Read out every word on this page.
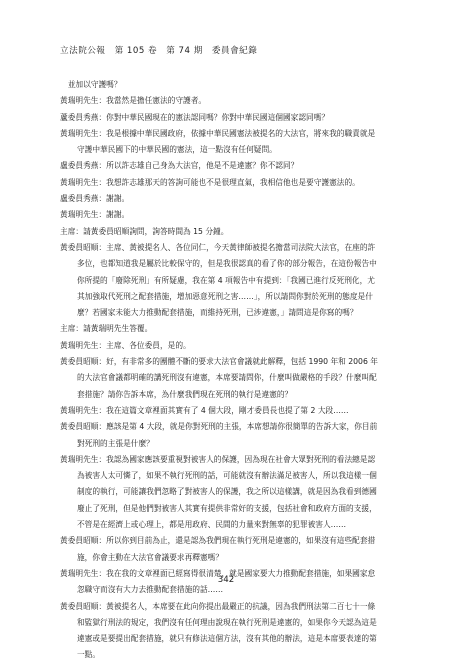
立法院公報　第 105 卷　第 74 期　委員會紀錄

　並加以守護嗎？

黃瑞明先生：我當然是擔任憲法的守護者。

蘆委員秀燕：你對中華民國現在的憲法認同嗎？你對中華民國這個國家認同嗎？

黃瑞明先生：我是根據中華民國政府，依據中華民國憲法被提名的大法官，將來我的職責就是守護中華民國下的中華民國的憲法，這一點沒有任何疑問。

盧委員秀燕：所以許志雄自己身為大法官，他是不是違憲？你不認同？

黃瑞明先生：我想許志雄那天的答詢可能也不是很理直氣，我相信他也是要守護憲法的。

盧委員秀燕：謝謝。

黃瑞明先生：謝謝。

主席：請黃委員昭順詢問，詢答時間為 15 分鐘。

黃委員昭順：主席、黃被提名人、各位同仁，今天黃律師被提名擔當司法院大法官，在座的許多位，也都知道我是屬於比較保守的，但是我很認真的看了你的部分報告，在這份報告中你所提的「廢除死刑」有所疑慮，我在第 4 項報告中有提到：「我國已進行反死刑化，尤其加強取代死刑之配套措施，增加惡意死刑之害……」，所以請問你對於死刑的態度是什麼？若國家未能大力推動配套措施，而維持死刑，已涉違憲，」請問這是你寫的嗎？

主席：請黃瑞明先生答覆。

黃瑞明先生：主席、各位委員，是的。

黃委員昭順：好，有非常多的團體不斷的要求大法官會議就此解釋，包括 1990 年和 2006 年的大法官會議都明確的講死刑沒有違憲，本席要請問你，什麼叫做嚴格的手段？什麼叫配套措施？請你告訴本席，為什麼我們現在死刑的執行是違憲的？

黃瑞明先生：我在這篇文章裡面其實有了 4 個大段，剛才委員長也提了第 2 大段……

黃委員昭順：應該是第 4 大段，就是你對死刑的主張，本席想請你很簡單的告訴大家，你目前對死刑的主張是什麼？

黃瑞明先生：我認為國家應該要重視對被害人的保護，因為現在社會大眾對死刑的看法總是認為被害人太可憐了，如果不執行死刑的話，可能就沒有辦法滿足被害人，所以我這樣一個制度的執行，可能讓我們忽略了對被害人的保護，我之所以這樣講，就是因為我看到德國廢止了死刑，但是他們對被害人其實有提供非常好的支援，包括社會和政府方面的支援，不管是在經濟上或心理上，都是用政府、民間的力量來對無辜的犯罪被害人……

黃委員昭順：所以你到目前為止，還是認為我們現在執行死刑是違憲的，如果沒有這些配套措施，你會主動在大法官會議要求再釋憲嗎？

黃瑞明先生：我在我的文章裡面已經寫得很清楚，就是國家要大力推動配套措施，如果國家怠忽職守而沒有大力去推動配套措施的話……

黃委員昭順：黃被提名人，本席要在此向你提出最嚴正的抗議，因為我們刑法第二百七十一條和監獄行刑法的規定，我們沒有任何理由說現在執行死刑是違憲的，如果你今天認為這是違憲或是要提出配套措施，就只有修法這個方法，沒有其他的辦法，這是本席要表達的第一點。

342
